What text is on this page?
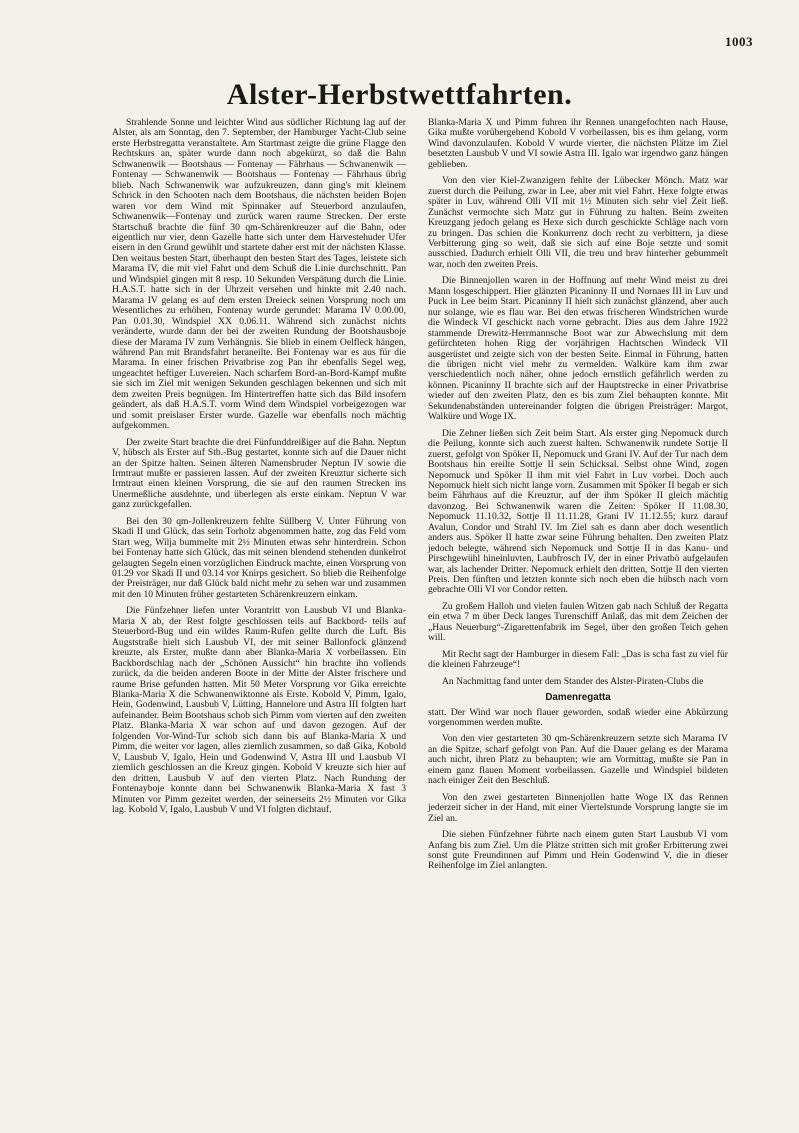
1003
Alster-Herbstwettfahrten.

Strahlende Sonne und leichter Wind aus südlicher Richtung lag auf der Alster, als am Sonntag, den 7. September, der Hamburger Yacht-Club seine erste Herbstregatta veranstaltete. Am Startmast zeigte die grüne Flagge den Rechtskurs an, später wurde dann noch abgekürzt, so daß die Bahn Schwanenwik — Bootshaus — Fontenay — Fährhaus — Schwanenwik — Fontenay — Schwanenwik — Bootshaus — Fontenay — Fährhaus übrig blieb. Nach Schwanenwik war aufzukreuzen, dann ging's mit kleinem Schrick in den Schooten nach dem Bootshaus, die nächsten beiden Bojen waren vor dem Wind mit Spinnaker auf Steuerbord anzulaufen, Schwanenwik—Fontenay und zurück waren raume Strecken. Der erste Startschuß brachte die fünf 30 qm-Schärenkreuzer auf die Bahn, oder eigentlich nur vier, denn Gazelle hatte sich unter dem Harvestehuder Ufer eisern in den Grund gewühlt und startete daher erst mit der nächsten Klasse. Den weitaus besten Start, überhaupt den besten Start des Tages, leistete sich Marama IV, die mit viel Fahrt und dem Schuß die Linie durchschnitt. Pan und Windspiel gingen mit 8 resp. 10 Sekunden Verspätung durch die Linie. H.A.S.T. hatte sich in der Uhrzeit versehen und hinkte mit 2.40 nach. Marama IV gelang es auf dem ersten Dreieck seinen Vorsprung noch um Wesentliches zu erhöhen, Fontenay wurde gerundet: Marama IV 0.00.00, Pan 0.01.30, Windspiel XX 0.06.11. Während sich zunächst nichts veränderte, wurde dann der bei der zweiten Rundung der Bootshausboje diese der Marama IV zum Verhängnis. Sie blieb in einem Oelfleck hängen, während Pan mit Brandsfahrt heraneilte. Bei Fontenay war es aus für die Marama. In einer frischen Privatbrise zog Pan ihr ebenfalls Segel weg, ungeachtet heftiger Luvereien. Nach scharfem Bord-an-Bord-Kampf mußte sie sich im Ziel mit wenigen Sekunden geschlagen bekennen und sich mit dem zweiten Preis begnügen. Im Hintertreffen hatte sich das Bild insofern geändert, als daß H.A.S.T. vorm Wind dem Windspiel vorbeigezogen war und somit preislaser Erster wurde. Gazelle war ebenfalls noch mächtig aufgekommen.

Der zweite Start brachte die drei Fünfunddreißiger auf die Bahn. Neptun V, hübsch als Erster auf Stb.-Bug gestartet, konnte sich auf die Dauer nicht an der Spitze halten. Seinen älteren Namensbruder Neptun IV sowie die Irmtraut mußte er passieren lassen. Auf der zweiten Kreuztur sicherte sich Irmtraut einen kleinen Vorsprung, die sie auf den raumen Strecken ins Unermeßliche ausdehnte, und überlegen als erste einkam. Neptun V war ganz zurückgefallen.

Bei den 30 qm-Jollenkreuzern fehlte Süllberg V. Unter Führung von Skadi II und Glück, das sein Torholz abgenommen hatte, zog das Feld vom Start weg, Wilja bummelte mit 2½ Minuten etwas sehr hinterdrein. Schon bei Fontenay hatte sich Glück, das mit seinen blendend stehenden dunkelrot gelaugten Segeln einen vorzüglichen Eindruck machte, einen Vorsprung von 01.29 vor Skadi II und 03.14 vor Knirps gesichert. So blieb die Reihenfolge der Preisträger, nur daß Glück bald nicht mehr zu sehen war und zusammen mit den 10 Minuten früher gestarteten Schärenkreuzern einkam.

Die Fünfzehner liefen unter Vorantritt von Lausbub VI und Blanka-Maria X ab, der Rest folgte geschlossen teils auf Backbord- teils auf Steuerbord-Bug und ein wildes Raum-Rufen gellte durch die Luft. Bis Augststraße hielt sich Lausbub VI, der mit seiner Ballonfock glänzend kreuzte, als Erster, mußte dann aber Blanka-Maria X vorbeilassen. Ein Backbordschlag nach der „Schönen Aussicht“ hin brachte ihn vollends zurück, da die beiden anderen Boote in der Mitte der Alster frischere und raume Brise gefunden hatten. Mit 50 Meter Vorsprung vor Gika erreichte Blanka-Maria X die Schwanenwiktonne als Erste. Kobold V, Pimm, Igalo, Hein, Godenwind, Lausbub V, Lütting, Hannelore und Astra III folgten hart aufeinander. Beim Bootshaus schob sich Pimm vom vierten auf den zweiten Platz. Blanka-Maria X war schon auf und davon gezogen. Auf der folgenden Vor-Wind-Tur schob sich dann bis auf Blanka-Maria X und Pimm, die weiter vor lagen, alles ziemlich zusammen, so daß Gika, Kobold V, Lausbub V, Igalo, Hein und Godenwind V, Astra III und Lausbub VI ziemlich geschlossen an die Kreuz gingen. Kobold V kreuzte sich hier auf den dritten, Lausbub V auf den vierten Platz. Nach Rundung der Fontenayboje konnte dann bei Schwanenwik Blanka-Maria X fast 3 Minuten vor Pimm gezeitet werden, der seinerseits 2½ Minuten vor Gika lag. Kobold V, Igalo, Lausbub V und VI folgten dichtauf.

Blanka-Maria X und Pimm fuhren ihr Rennen unangefochten nach Hause, Gika mußte vorübergehend Kobold V vorbeilassen, bis es ihm gelang, vorm Wind davonzulaufen. Kobold V wurde vierter, die nächsten Plätze im Ziel besetzten Lausbub V und VI sowie Astra III. Igalo war irgendwo ganz hängen geblieben.

Von den vier Kiel-Zwanzigern fehlte der Lübecker Mönch. Matz war zuerst durch die Peilung, zwar in Lee, aber mit viel Fahrt. Hexe folgte etwas später in Luv, während Olli VII mit 1½ Minuten sich sehr viel Zeit ließ. Zunächst vermochte sich Matz gut in Führung zu halten. Beim zweiten Kreuzgang jedoch gelang es Hexe sich durch geschickte Schläge nach vorn zu bringen. Das schien die Konkurrenz doch recht zu verbittern, ja diese Verbitterung ging so weit, daß sie sich auf eine Boje setzte und somit ausschied. Dadurch erhielt Olli VII, die treu und brav hinterher gebummelt war, noch den zweiten Preis.

Die Binnenjollen waren in der Hoffnung auf mehr Wind meist zu drei Mann losgeschippert. Hier glänzten Picaninny II und Nornaes III in Luv und Puck in Lee beim Start. Picaninny II hielt sich zunächst glänzend, aber auch nur solange, wie es flau war. Bei den etwas frischeren Windstrichen wurde die Windeck VI geschickt nach vorne gebracht. Dies aus dem Jahre 1922 stammende Drewitz-Herrmannsche Boot war zur Abwechslung mit dem gefürchteten hohen Rigg der vorjährigen Hachtschen Windeck VII ausgerüstet und zeigte sich von der besten Seite. Einmal in Führung, hatten die übrigen nicht viel mehr zu vermelden. Walküre kam ihm zwar verschiedentlich noch näher, ohne jedoch ernstlich gefährlich werden zu können. Picaninny II brachte sich auf der Hauptstrecke in einer Privatbrise wieder auf den zweiten Platz, den es bis zum Ziel behaupten konnte. Mit Sekundenabständen untereinander folgten die übrigen Preisträger: Margot, Walküre und Woge IX.

Die Zehner ließen sich Zeit beim Start. Als erster ging Nepomuck durch die Peilung, konnte sich auch zuerst halten. Schwanenwik rundete Sottje II zuerst, gefolgt von Spöker II, Nepomuck und Grani IV. Auf der Tur nach dem Bootshaus hin ereilte Sottje II sein Schicksal. Selbst ohne Wind, zogen Nepomuck und Spöker II ihm mit viel Fahrt in Luv vorbei. Doch auch Nepomuck hielt sich nicht lange vorn. Zusammen mit Spöker II begab er sich beim Fährhaus auf die Kreuztur, auf der ihm Spöker II gleich mächtig davonzog. Bei Schwanenwik waren die Zeiten: Spöker II 11.08.30, Nepomuck 11.10.32, Sottje II 11.11.28, Grani IV 11.12.55; kurz darauf Avalun, Condor und Strahl IV. Im Ziel sah es dann aber doch wesentlich anders aus. Spöker II hatte zwar seine Führung behalten. Den zweiten Platz jedoch belegte, während sich Nepomuck und Sottje II in das Kanu- und Pirschgewühl hineinluvten, Laubfrosch IV, der in einer Privatbö aufgelaufen war, als lachender Dritter. Nepomuck erhielt den dritten, Sottje II den vierten Preis. Den fünften und letzten konnte sich noch eben die hübsch nach vorn gebrachte Olli VI vor Condor retten.

Zu großem Halloh und vielen faulen Witzen gab nach Schluß der Regatta ein etwa 7 m über Deck langes Turenschiff Anlaß, das mit dem Zeichen der „Haus Neuerburg“-Zigarettenfabrik im Segel, über den großen Teich gehen will.

Mit Recht sagt der Hamburger in diesem Fall: „Das is scha fast zu viel für die kleinen Fahrzeuge“!

An Nachmittag fand unter dem Stander des Alster-Piraten-Clubs die

Damenregatta

statt. Der Wind war noch flauer geworden, sodaß wieder eine Abkürzung vorgenommen werden mußte.

Von den vier gestarteten 30 qm-Schärenkreuzern setzte sich Marama IV an die Spitze, scharf gefolgt von Pan. Auf die Dauer gelang es der Marama auch nicht, ihren Platz zu behaupten; wie am Vormittag, mußte sie Pan in einem ganz flauen Moment vorbeilassen. Gazelle und Windspiel bildeten nach einiger Zeit den Beschluß.

Von den zwei gestarteten Binnenjollen hatte Woge IX das Rennen jederzeit sicher in der Hand, mit einer Viertelstunde Vorsprung langte sie im Ziel an.

Die sieben Fünfzehner führte nach einem guten Start Lausbub VI vom Anfang bis zum Ziel. Um die Plätze stritten sich mit großer Erbitterung zwei sonst gute Freundinnen auf Pimm und Hein Godenwind V, die in dieser Reihenfolge im Ziel anlangten.
